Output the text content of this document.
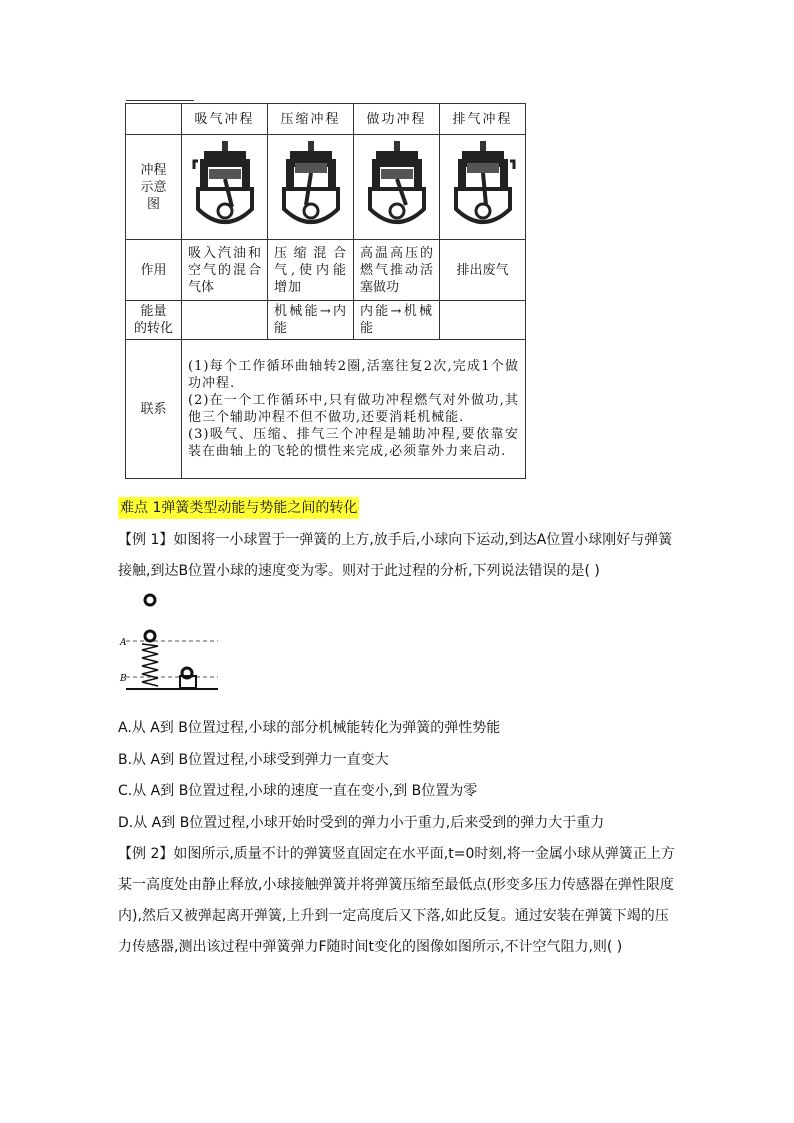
	吸气冲程	压缩冲程	做功冲程	排气冲程
冲程
示意
图				
作用	吸入汽油和空气的混合气体	压缩混合气,使内能增加	高温高压的燃气推动活塞做功	排出废气
能量
的转化		机械能→内能	内能→机械能	
联系	(1)每个工作循环曲轴转2圈,活塞往复2次,完成1个做功冲程.
(2)在一个工作循环中,只有做功冲程燃气对外做功,其他三个辅助冲程不但不做功,还要消耗机械能.
(3)吸气、压缩、排气三个冲程是辅助冲程,要依靠安装在曲轴上的飞轮的惯性来完成,必须靠外力来启动.			
难点 1弹簧类型动能与势能之间的转化
【例 1】如图将一小球置于一弹簧的上方,放手后,小球向下运动,到达A位置小球刚好与弹簧接触,到达B位置小球的速度变为零。则对于此过程的分析,下列说法错误的是( )
A
B
A.从 A到 B位置过程,小球的部分机械能转化为弹簧的弹性势能
B.从 A到 B位置过程,小球受到弹力一直变大
C.从 A到 B位置过程,小球的速度一直在变小,到 B位置为零
D.从 A到 B位置过程,小球开始时受到的弹力小于重力,后来受到的弹力大于重力
【例 2】如图所示,质量不计的弹簧竖直固定在水平面,t=0时刻,将一金属小球从弹簧正上方某一高度处由静止释放,小球接触弹簧并将弹簧压缩至最低点(形变多压力传感器在弹性限度内),然后又被弹起离开弹簧,上升到一定高度后又下落,如此反复。通过安装在弹簧下竭的压力传感器,测出该过程中弹簧弹力F随时间t变化的图像如图所示,不计空气阻力,则( )
